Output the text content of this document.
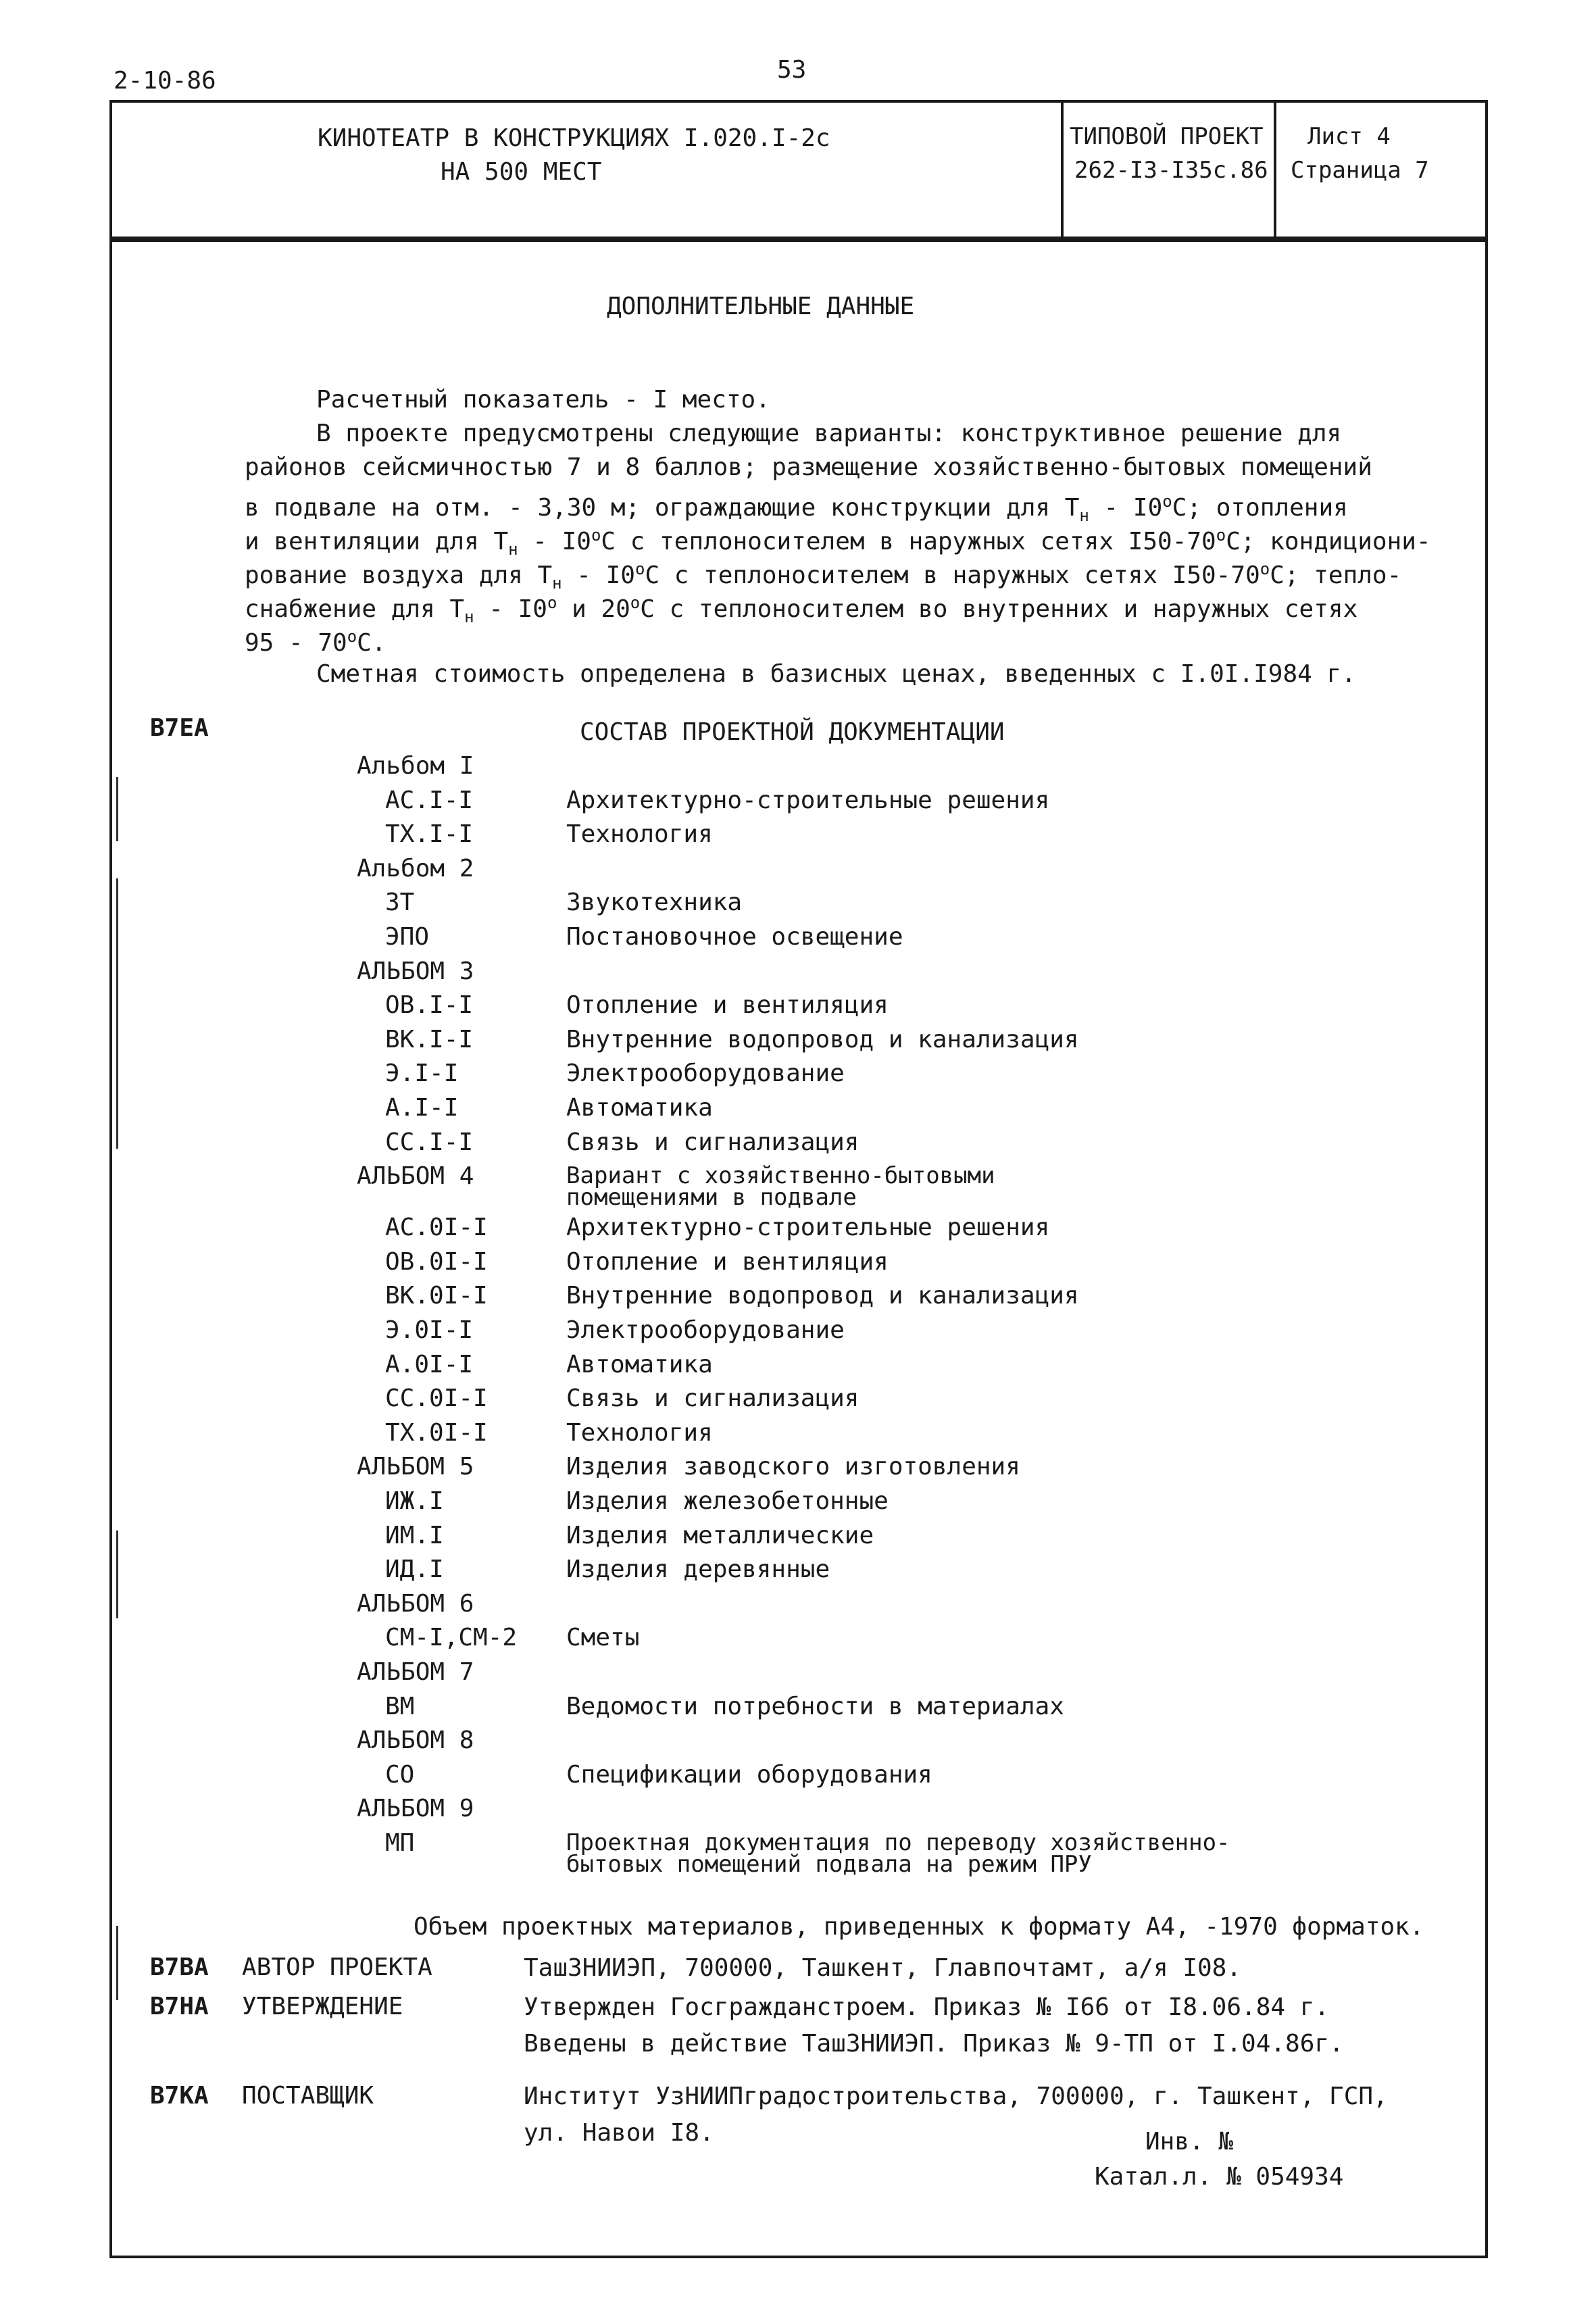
2-10-86	53
КИНОТЕАТР В КОНСТРУКЦИЯХ I.020.I-2с
НА 500 МЕСТ
ТИПОВОЙ ПРОЕКТ
262-I3-I35с.86
Лист 4
Страница 7
ДОПОЛНИТЕЛЬНЫЕ ДАННЫЕ
Расчетный показатель - I место.
В проекте предусмотрены следующие варианты: конструктивное решение для
районов сейсмичностью 7 и 8 баллов; размещение хозяйственно-бытовых помещений
в подвале на отм. - 3,30 м; ограждающие конструкции для $T_н - I0^оС$; отопления
и вентиляции для $T_н - I0^оС$ с теплоносителем в наружных сетях $I50-70^оС$; кондициони-
рование воздуха для $T_н - I0^оС$ с теплоносителем в наружных сетях $I50-70^оС$; тепло-
снабжение для $T_н - I0^о$ и $20^оС$ с теплоносителем во внутренних и наружных сетях
$95 - 70^оС$.
Сметная стоимость определена в базисных ценах, введенных с I.0I.I984 г.
В7ЕА	СОСТАВ ПРОЕКТНОЙ ДОКУМЕНТАЦИИ
Альбом I
АС.I-I	Архитектурно-строительные решения
ТХ.I-I	Технология
Альбом 2
ЗТ	Звукотехника
ЭПО	Постановочное освещение
АЛЬБОМ 3
ОВ.I-I	Отопление и вентиляция
ВК.I-I	Внутренние водопровод и канализация
Э.I-I	Электрооборудование
А.I-I	Автоматика
СС.I-I	Связь и сигнализация
АЛЬБОМ 4	Вариант с хозяйственно-бытовыми
помещениями в подвале
АС.0I-I	Архитектурно-строительные решения
ОВ.0I-I	Отопление и вентиляция
ВК.0I-I	Внутренние водопровод и канализация
Э.0I-I	Электрооборудование
А.0I-I	Автоматика
СС.0I-I	Связь и сигнализация
ТХ.0I-I	Технология
АЛЬБОМ 5	Изделия заводского изготовления
ИЖ.I	Изделия железобетонные
ИМ.I	Изделия металлические
ИД.I	Изделия деревянные
АЛЬБОМ 6
СМ-I,СМ-2 Сметы
АЛЬБОМ 7
ВМ	Ведомости потребности в материалах
АЛЬБОМ 8
СО	Спецификации оборудования
АЛЬБОМ 9
МП	Проектная документация по переводу хозяйственно-
бытовых помещений подвала на режим ПРУ
Объем проектных материалов, приведенных к формату А4, -1970 форматок.
В7ВА АВТОР ПРОЕКТА	ТашЗНИИЭП, 700000, Ташкент, Главпочтамт, а/я I08.
В7НА УТВЕРЖДЕНИЕ	Утвержден Госгражданстроем. Приказ № I66 от I8.06.84 г.
Введены в действие ТашЗНИИЭП. Приказ № 9-ТП от I.04.86г.
В7КА ПОСТАВЩИК	Институт УзНИИПградостроительства, 700000, г. Ташкент, ГСП,
ул. Навои I8.	Инв. №
Катал.л. № 054934
